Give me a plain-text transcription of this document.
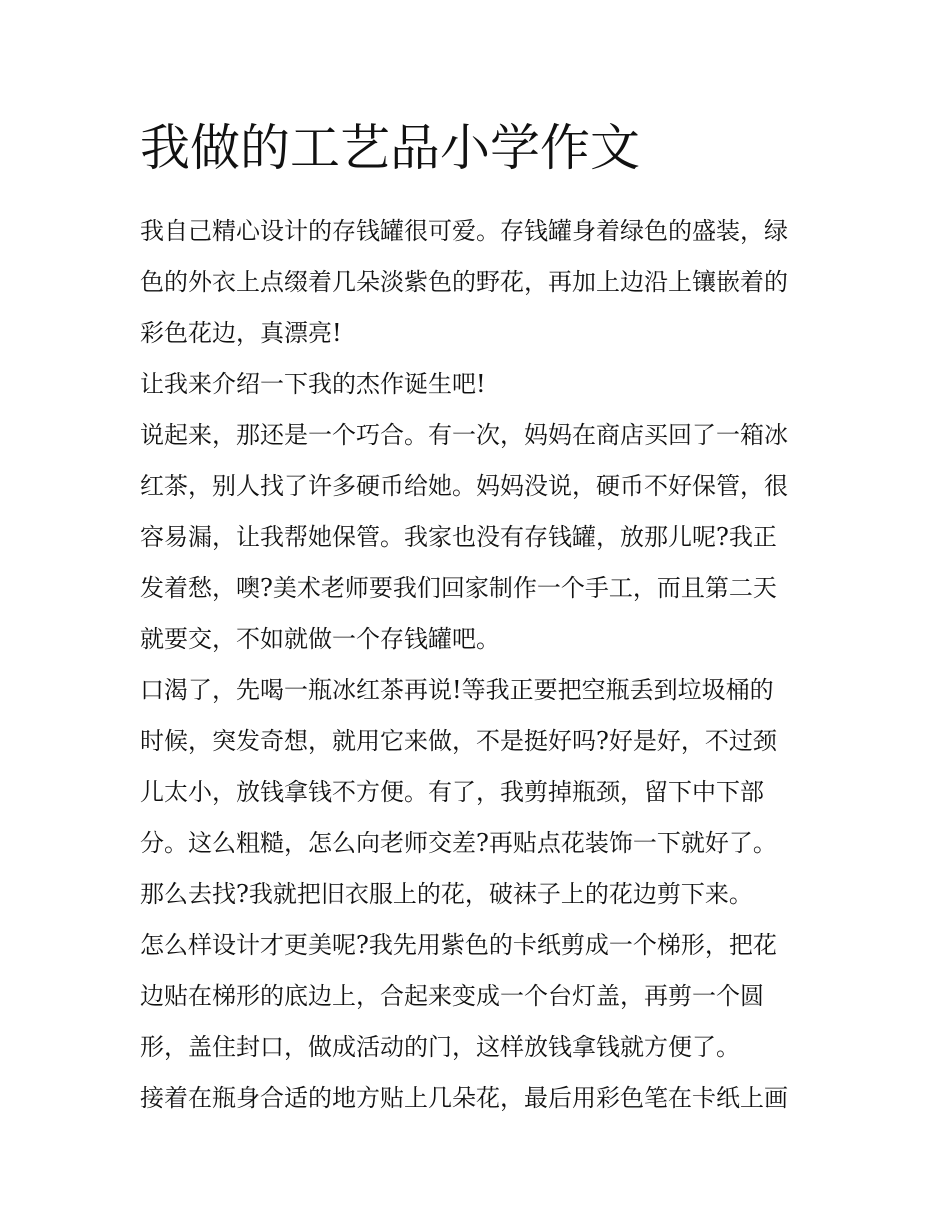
我做的工艺品小学作文
我自己精心设计的存钱罐很可爱。存钱罐身着绿色的盛装，绿
色的外衣上点缀着几朵淡紫色的野花，再加上边沿上镶嵌着的
彩色花边，真漂亮!
让我来介绍一下我的杰作诞生吧!
说起来，那还是一个巧合。有一次，妈妈在商店买回了一箱冰
红茶，别人找了许多硬币给她。妈妈没说，硬币不好保管，很
容易漏，让我帮她保管。我家也没有存钱罐，放那儿呢?我正
发着愁，噢?美术老师要我们回家制作一个手工，而且第二天
就要交，不如就做一个存钱罐吧。
口渴了，先喝一瓶冰红茶再说!等我正要把空瓶丢到垃圾桶的
时候，突发奇想，就用它来做，不是挺好吗?好是好，不过颈
儿太小，放钱拿钱不方便。有了，我剪掉瓶颈，留下中下部
分。这么粗糙，怎么向老师交差?再贴点花装饰一下就好了。
那么去找?我就把旧衣服上的花，破袜子上的花边剪下来。
怎么样设计才更美呢?我先用紫色的卡纸剪成一个梯形，把花
边贴在梯形的底边上，合起来变成一个台灯盖，再剪一个圆
形，盖住封口，做成活动的门，这样放钱拿钱就方便了。
接着在瓶身合适的地方贴上几朵花，最后用彩色笔在卡纸上画
